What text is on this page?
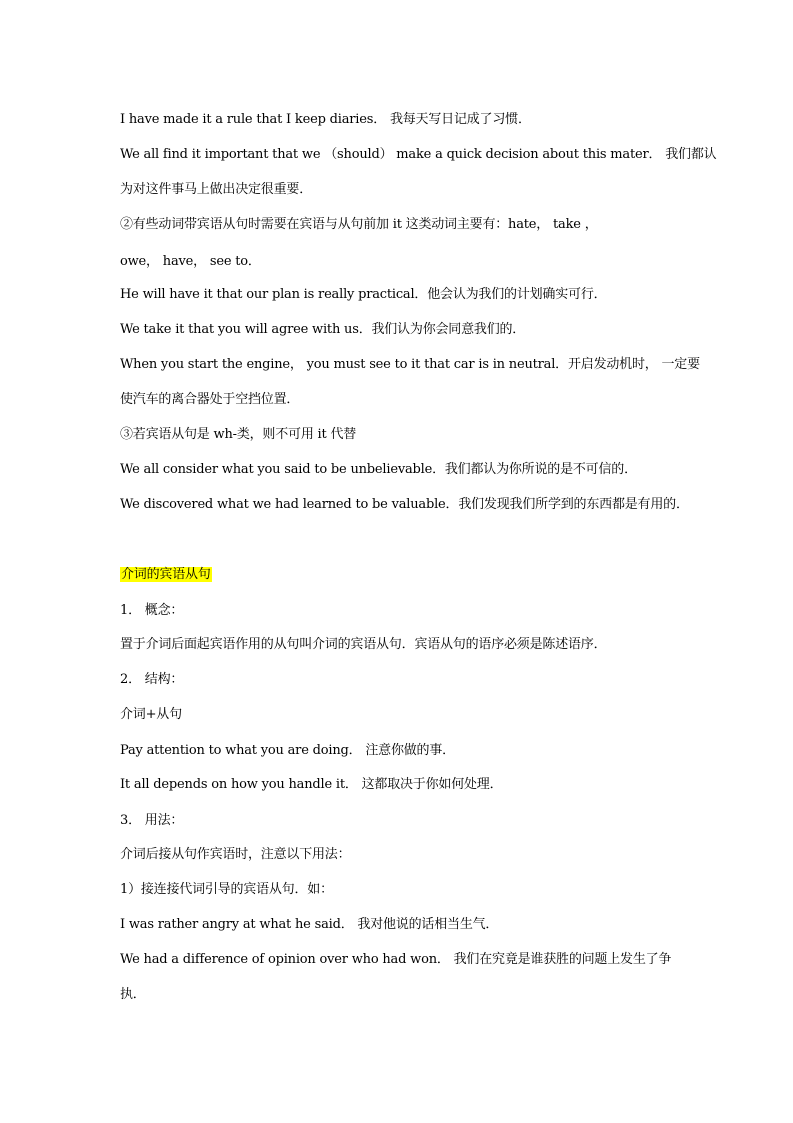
I have made it a rule that I keep diaries． 我每天写日记成了习惯．
We all find it important that we （should） make a quick decision about this mater． 我们都认
为对这件事马上做出决定很重要．
②有些动词带宾语从句时需要在宾语与从句前加 it 这类动词主要有：hate， take ，
owe， have， see to．
He will have it that our plan is really practical．他会认为我们的计划确实可行．
We take it that you will agree with us．我们认为你会同意我们的．
When you start the engine， you must see to it that car is in neutral．开启发动机时， 一定要
使汽车的离合器处于空挡位置．
③若宾语从句是 wh-类，则不可用 it 代替
We all consider what you said to be unbelievable．我们都认为你所说的是不可信的．
We discovered what we had learned to be valuable．我们发现我们所学到的东西都是有用的．
介词的宾语从句
1． 概念：
置于介词后面起宾语作用的从句叫介词的宾语从句．宾语从句的语序必须是陈述语序．
2． 结构：
介词+从句
Pay attention to what you are doing． 注意你做的事．
It all depends on how you handle it． 这都取决于你如何处理．
3． 用法：
介词后接从句作宾语时，注意以下用法：
1）接连接代词引导的宾语从句．如：
I was rather angry at what he said． 我对他说的话相当生气．
We had a difference of opinion over who had won． 我们在究竟是谁获胜的问题上发生了争
执．
